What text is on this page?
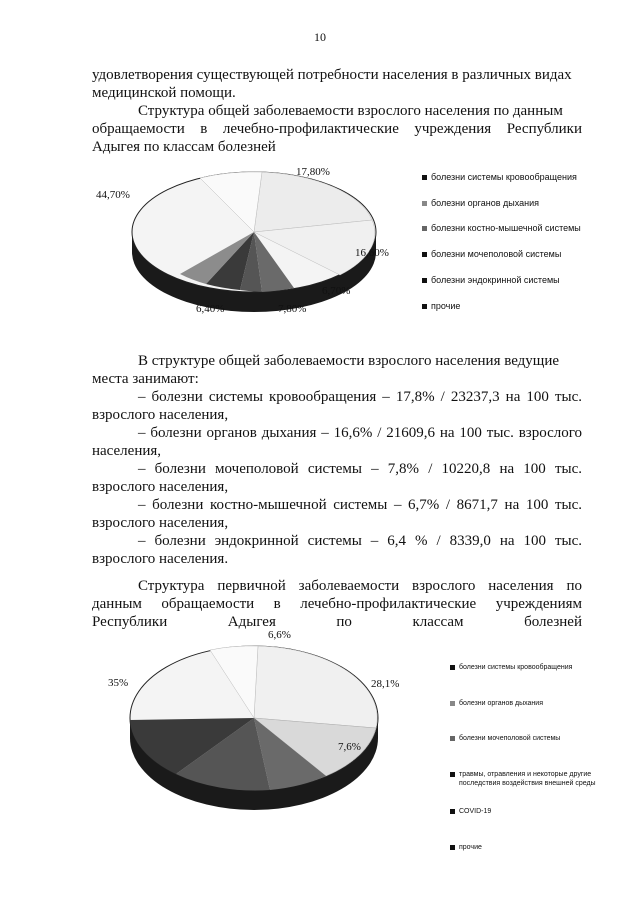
10

удовлетворения существующей потребности населения в различных видах
медицинской помощи.

Структура общей заболеваемости взрослого населения по данным
обращаемости в лечебно-профилактические учреждения Республики
Адыгея по классам болезней

17,80%
16,60%
6,70%
7,80%
6,40%
44,70%
болезни системы кровообращения
болезни органов дыхания
болезни костно-мышечной системы
болезни мочеполовой системы
болезни эндокринной системы
прочие

В структуре общей заболеваемости взрослого населения ведущие
места занимают:
– болезни системы кровообращения – 17,8% / 23237,3 на 100 тыс.
взрослого населения,
– болезни органов дыхания – 16,6% / 21609,6 на 100 тыс. взрослого
населения,
– болезни мочеполовой системы – 7,8% / 10220,8 на 100 тыс.
взрослого населения,
– болезни костно-мышечной системы – 6,7% / 8671,7 на 100 тыс.
взрослого населения,
– болезни эндокринной системы – 6,4 % / 8339,0 на 100 тыс.
взрослого населения.

Структура первичной заболеваемости взрослого населения по
данным обращаемости в лечебно-профилактические учреждениям
Республики Адыгея по классам болезней

28,1%
7,6%
6,6%
35%
болезни системы кровообращения
болезни органов дыхания
болезни мочеполовой системы
травмы, отравления и некоторые другие
последствия воздействия внешней среды
COVID-19
прочие
